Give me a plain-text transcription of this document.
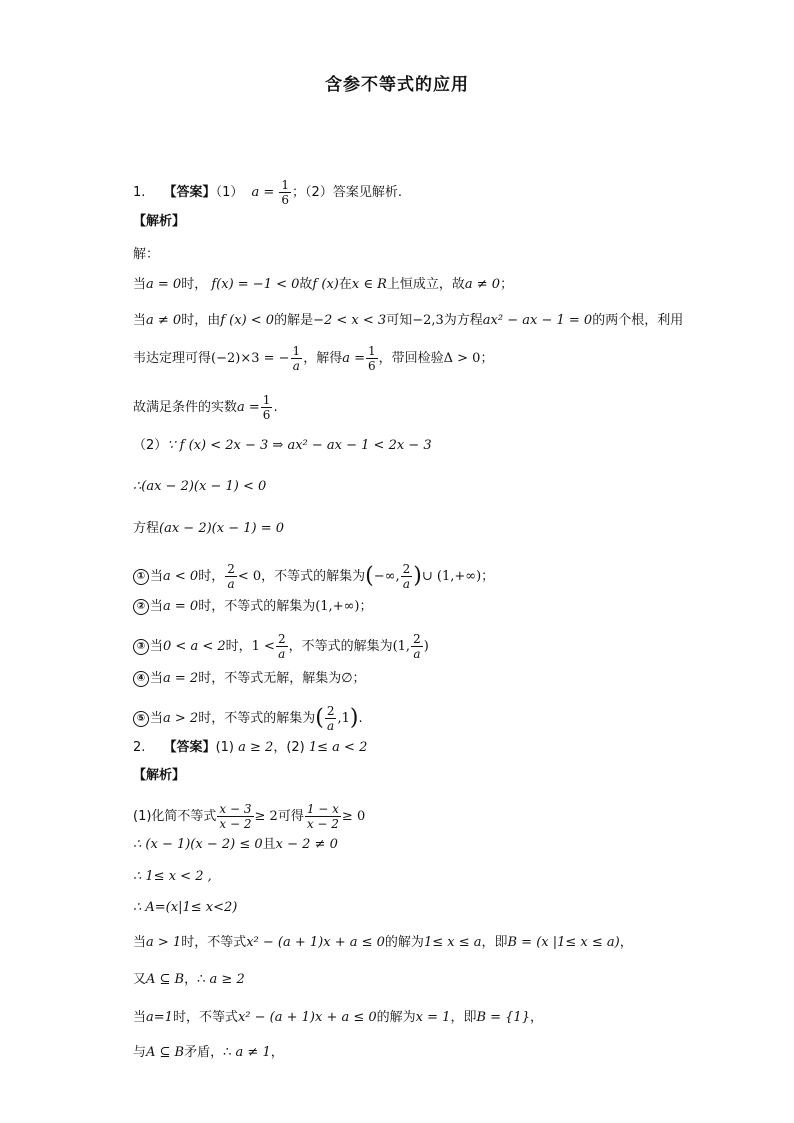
含参不等式的应用
1. 【答案】（1） $a = \frac{1}{6}$ ；（2）答案见解析.
【解析】
解：
当a = 0时， f(x) = −1 < 0故f (x)在x ∈ R上恒成立，故a ≠ 0；
当a ≠ 0时，由f (x) < 0的解是−2 < x < 3可知−2,3为方程ax² − ax − 1 = 0的两个根，利用
韦达定理可得(−2)×3 = − $\frac{1}{a}$ ，解得$a = \frac{1}{6}$ ，带回检验Δ > 0；
故满足条件的实数$a = \frac{1}{6}$ .
（2）∵ f (x) < 2x − 3 ⇒ ax² − ax − 1 < 2x − 3
∴(ax − 2)(x − 1) < 0
方程(ax − 2)(x − 1) = 0
① 当a < 0时， $\frac{2}{a} < 0$，不等式的解集为(−∞, $\frac{2}{a}$ )∪ (1,+∞)；
② 当a = 0时，不等式的解集为(1,+∞)；
③ 当0 < a < 2时，$1 < \frac{2}{a}$ ，不等式的解集为(1, $\frac{2}{a}$ )
④ 当a = 2时，不等式无解，解集为∅；
⑤ 当a > 2时，不等式的解集为( $\frac{2}{a} ,1$).
2. 【答案】(1) a ≥ 2，(2) 1≤ a < 2
【解析】
(1)化简不等式 $\frac{x - 3}{x - 2} \ge 2$可得 $\frac{1 - x}{x - 2} \ge 0$
∴ (x − 1)(x − 2) ≤ 0且x − 2 ≠ 0
∴ 1≤ x < 2 ,
∴ A=(x|1≤ x<2)
当a > 1时，不等式x² − (a + 1)x + a ≤ 0的解为1≤ x ≤ a，即B = (x |1≤ x ≤ a)，
又A ⊆ B，∴ a ≥ 2
当a=1时，不等式x² − (a + 1)x + a ≤ 0的解为x = 1，即B = {1}，
与A ⊆ B矛盾，∴ a ≠ 1，
